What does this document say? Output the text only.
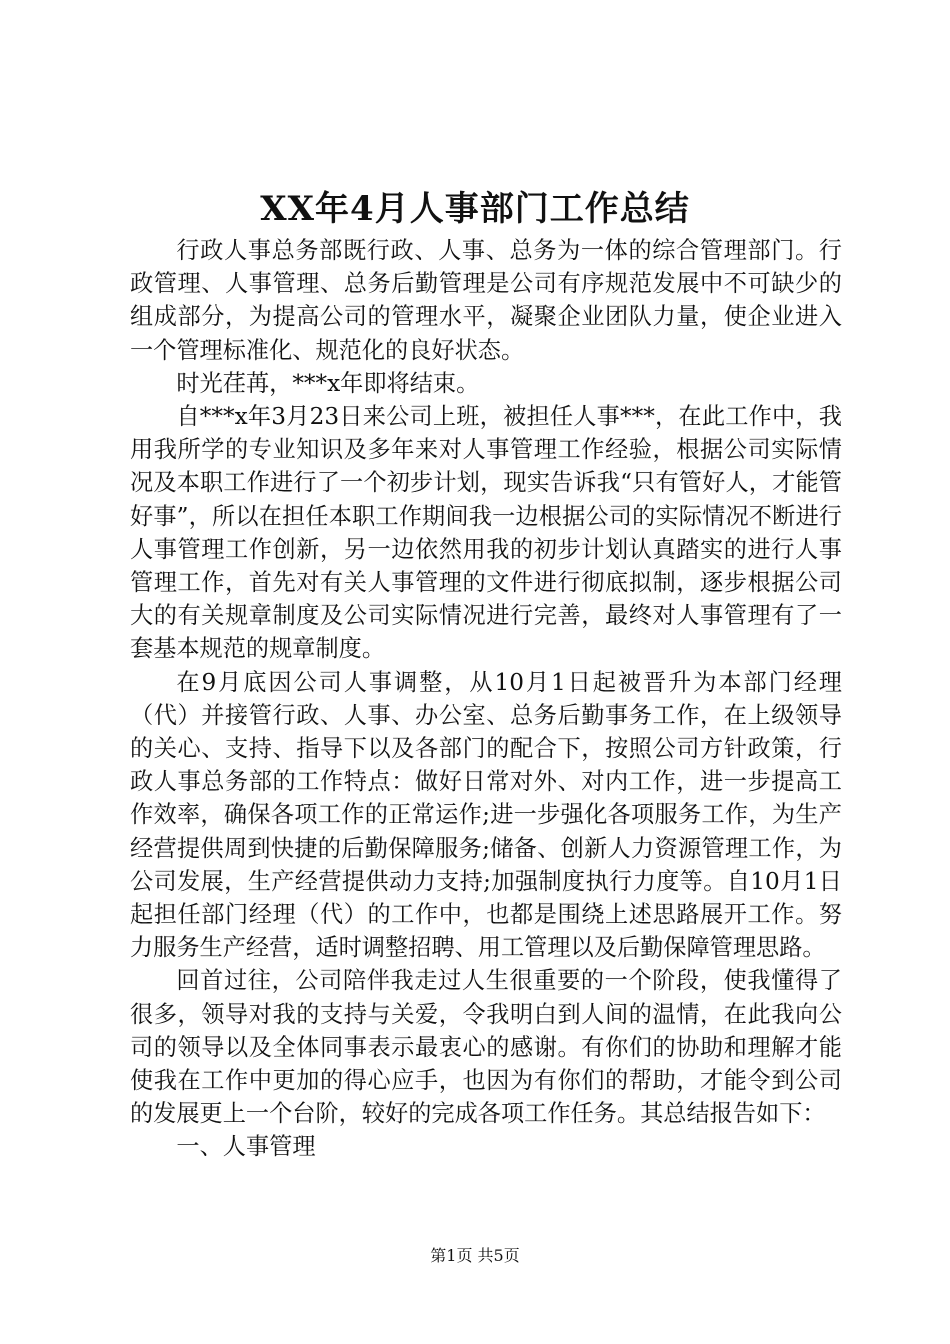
XX年4月人事部门工作总结

行政人事总务部既行政、人事、总务为一体的综合管理部门。行政管理、人事管理、总务后勤管理是公司有序规范发展中不可缺少的组成部分，为提高公司的管理水平，凝聚企业团队力量，使企业进入一个管理标准化、规范化的良好状态。

时光荏苒，***x年即将结束。

自***x年3月23日来公司上班，被担任人事***，在此工作中，我用我所学的专业知识及多年来对人事管理工作经验，根据公司实际情况及本职工作进行了一个初步计划，现实告诉我“只有管好人，才能管好事”，所以在担任本职工作期间我一边根据公司的实际情况不断进行人事管理工作创新，另一边依然用我的初步计划认真踏实的进行人事管理工作，首先对有关人事管理的文件进行彻底拟制，逐步根据公司大的有关规章制度及公司实际情况进行完善，最终对人事管理有了一套基本规范的规章制度。

在9月底因公司人事调整，从10月1日起被晋升为本部门经理（代）并接管行政、人事、办公室、总务后勤事务工作，在上级领导的关心、支持、指导下以及各部门的配合下，按照公司方针政策，行政人事总务部的工作特点：做好日常对外、对内工作，进一步提高工作效率，确保各项工作的正常运作;进一步强化各项服务工作，为生产经营提供周到快捷的后勤保障服务;储备、创新人力资源管理工作，为公司发展，生产经营提供动力支持;加强制度执行力度等。自10月1日起担任部门经理（代）的工作中，也都是围绕上述思路展开工作。努力服务生产经营，适时调整招聘、用工管理以及后勤保障管理思路。

回首过往，公司陪伴我走过人生很重要的一个阶段，使我懂得了很多，领导对我的支持与关爱，令我明白到人间的温情，在此我向公司的领导以及全体同事表示最衷心的感谢。有你们的协助和理解才能使我在工作中更加的得心应手，也因为有你们的帮助，才能令到公司的发展更上一个台阶，较好的完成各项工作任务。其总结报告如下：

一、人事管理

第1页 共5页
